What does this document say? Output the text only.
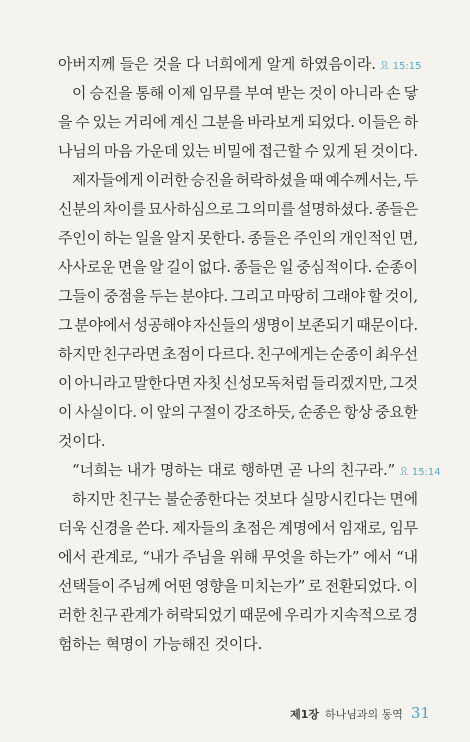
아버지께 들은 것을 다 너희에게 알게 하였음이라. 요 15:15
이 승진을 통해 이제 임무를 부여 받는 것이 아니라 손 닿
을 수 있는 거리에 계신 그분을 바라보게 되었다. 이들은 하
나님의 마음 가운데 있는 비밀에 접근할 수 있게 된 것이다.
제자들에게 이러한 승진을 허락하셨을 때 예수께서는, 두
신분의 차이를 묘사하심으로 그 의미를 설명하셨다. 종들은
주인이 하는 일을 알지 못한다. 종들은 주인의 개인적인 면,
사사로운 면을 알 길이 없다. 종들은 일 중심적이다. 순종이
그들이 중점을 두는 분야다. 그리고 마땅히 그래야 할 것이,
그 분야에서 성공해야 자신들의 생명이 보존되기 때문이다.
하지만 친구라면 초점이 다르다. 친구에게는 순종이 최우선
이 아니라고 말한다면 자칫 신성모독처럼 들리겠지만, 그것
이 사실이다. 이 앞의 구절이 강조하듯, 순종은 항상 중요한
것이다.
“너희는 내가 명하는 대로 행하면 곧 나의 친구라.” 요 15:14
하지만 친구는 불순종한다는 것보다 실망시킨다는 면에
더욱 신경을 쓴다. 제자들의 초점은 계명에서 임재로, 임무
에서 관계로, “내가 주님을 위해 무엇을 하는가” 에서 “내
선택들이 주님께 어떤 영향을 미치는가” 로 전환되었다. 이
러한 친구 관계가 허락되었기 때문에 우리가 지속적으로 경
험하는 혁명이 가능해진 것이다.
제1장 하나님과의 동역 31
